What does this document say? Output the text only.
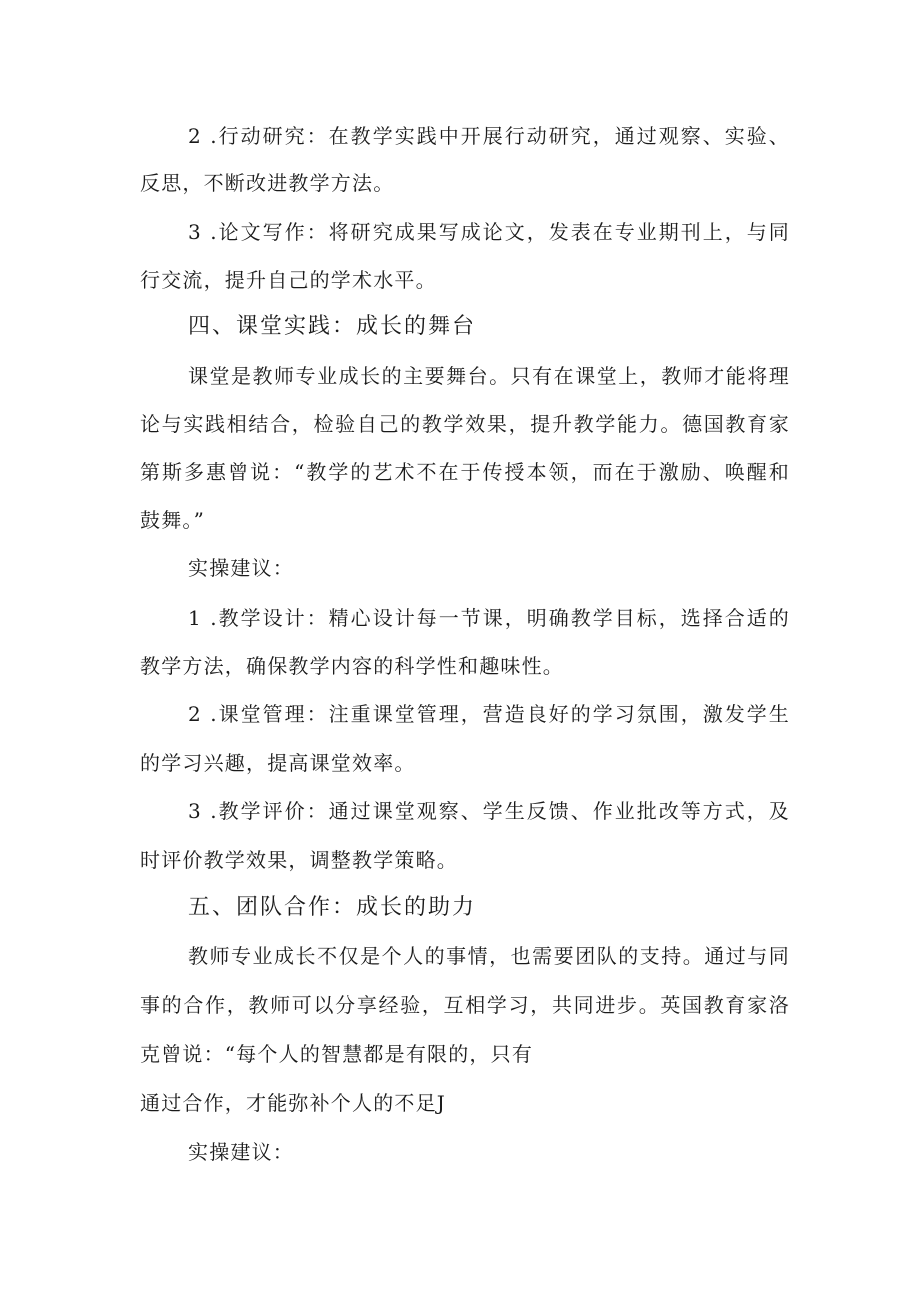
2 .行动研究：在教学实践中开展行动研究，通过观察、实验、
反思，不断改进教学方法。
3 .论文写作：将研究成果写成论文，发表在专业期刊上，与同
行交流，提升自己的学术水平。
四、课堂实践：成长的舞台
课堂是教师专业成长的主要舞台。只有在课堂上，教师才能将理
论与实践相结合，检验自己的教学效果，提升教学能力。德国教育家
第斯多惠曾说：“教学的艺术不在于传授本领，而在于激励、唤醒和
鼓舞。”
实操建议：
1 .教学设计：精心设计每一节课，明确教学目标，选择合适的
教学方法，确保教学内容的科学性和趣味性。
2 .课堂管理：注重课堂管理，营造良好的学习氛围，激发学生
的学习兴趣，提高课堂效率。
3 .教学评价：通过课堂观察、学生反馈、作业批改等方式，及
时评价教学效果，调整教学策略。
五、团队合作：成长的助力
教师专业成长不仅是个人的事情，也需要团队的支持。通过与同
事的合作，教师可以分享经验，互相学习，共同进步。英国教育家洛
克曾说：“每个人的智慧都是有限的，只有
通过合作，才能弥补个人的不足J
实操建议：
